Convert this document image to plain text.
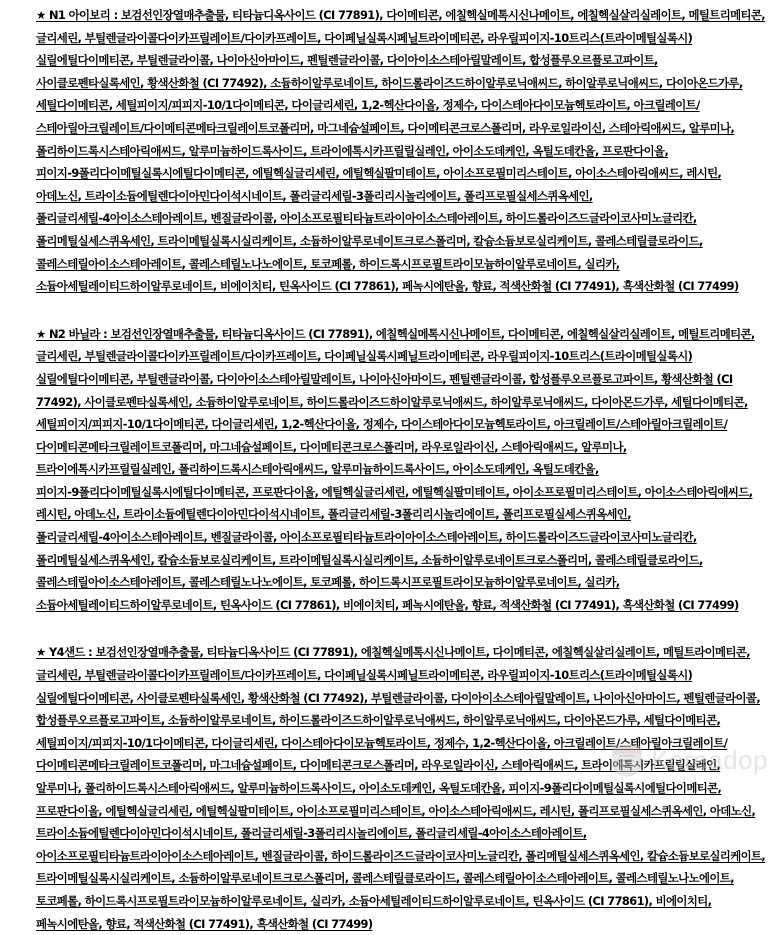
★ N1 아이보리 : 보검선인장열매추출물, 티타늄디옥사이드 (CI 77891), 다이메티콘, 에칠헥실메톡시신나메이트, 에칠헥실살리실레이트, 메틸트리메티콘, 글리세린, 부틸렌글라이콜다이카프릴레이트/다이카프레이트, 다이페닐실록시페닐트라이메티콘, 라우릴피이지-10트리스(트라이메틸실록시)실릴에틸다이메티콘, 부틸렌글라이콜, 나이아신아마이드, 펜틸렌글라이콜, 다이아이소스테아릴말레이트, 합성플루오르플로고파이트, 사이클로펜타실록세인, 황색산화철 (CI 77492), 소듐하이알루로네이트, 하이드롤라이즈드하이알루로닉애씨드, 하이알루로닉애씨드, 다이아온드가루, 세틸다이메티콘, 세틸피이지/피피지-10/1다이메티콘, 다이글리세린, 1,2-헥산다이올, 정제수, 다이스테아다이모늄헥토라이트, 아크릴레이트/스테아릴아크릴레이트/다이메티콘메타크릴레이트코폴리머, 마그네슘설페이트, 다이메티콘크로스폴리머, 라우로일라이신, 스테아릭애씨드, 알루미나, 폴리하이드록시스테아릭애씨드, 알루미늄하이드록사이드, 트라이에톡시카프릴릴실레인, 아이소도데케인, 옥틸도데칸올, 프로판다이올, 피이지-9폴리다이메틸실록시에틸다이메티콘, 에틸헥실글리세린, 에틸헥실팔미테이트, 아이소프로필미리스테이트, 아이소스테아릭애씨드, 레시틴, 아데노신, 트라이소듐에틸렌다이아민다이석시네이트, 폴리글리세릴-3폴리리시놀리에이트, 폴리프로필실세스퀴옥세인, 폴리글리세릴-4아이소스테아레이트, 벤질글라이콜, 아이소프로필티타늄트라이아이소스테아레이트, 하이드롤라이즈드글라이코사미노글리칸, 폴리메틸실세스퀴옥세인, 트라이메틸실록시실리케이트, 소듐하이알루로네이트크로스폴리머, 칼슘소듐보로실리케이트, 콜레스테릴클로라이드, 콜레스테릴아이소스테아레이트, 콜레스테릴노나노에이트, 토코페롤, 하이드록시프로필트라이모늄하이알루로네이트, 실리카, 소듐아세틸레이티드하이알루로네이트, 비에이치티, 틴옥사이드 (CI 77861), 페녹시에탄올, 향료, 적색산화철 (CI 77491), 흑색산화철 (CI 77499)

★ N2 바닐라 : 보검선인장열매추출물, 티타늄디옥사이드 (CI 77891), 에칠헥실메톡시신나메이트, 다이메티콘, 에칠헥실살리실레이트, 메틸트리메티콘, 글리세린, 부틸렌글라이콜다이카프릴레이트/다이카프레이트, 다이페닐실록시페닐트라이메티콘, 라우릴피이지-10트리스(트라이메틸실록시)실릴에틸다이메티콘, 부틸렌글라이콜, 다이아이소스테아릴말레이트, 나이아신아마이드, 펜틸렌글라이콜, 합성플루오르플로고파이트, 황색산화철 (CI 77492), 사이클로펜타실록세인, 소듐하이알루로네이트, 하이드롤라이즈드하이알루로닉애씨드, 하이알루로닉애씨드, 다이아몬드가루, 세틸다이메티콘, 세틸피이지/피피지-10/1다이메티콘, 다이글리세린, 1,2-헥산다이올, 정제수, 다이스테아다이모늄헥토라이트, 아크릴레이트/스테아릴아크릴레이트/다이메티콘메타크릴레이트코폴리머, 마그네슘설페이트, 다이메티콘크로스폴리머, 라우로일라이신, 스테아릭애씨드, 알루미나, 트라이에톡시카프릴릴실레인, 폴리하이드록시스테아릭애씨드, 알루미늄하이드록사이드, 아이소도데케인, 옥틸도데칸올, 피이지-9폴리다이메틸실록시에틸다이메티콘, 프로판다이올, 에틸헥실글리세린, 에틸헥실팔미테이트, 아이소프로필미리스테이트, 아이소스테아릭애씨드, 레시틴, 아데노신, 트라이소듐에틸렌다이아민다이석시네이트, 폴리글리세릴-3폴리리시놀리에이트, 폴리프로필실세스퀴옥세인, 폴리글리세릴-4아이소스테아레이트, 벤질글라이콜, 아이소프로필티타늄트라이아이소스테아레이트, 하이드롤라이즈드글라이코사미노글리칸, 폴리메틸실세스퀴옥세인, 칼슘소듐보로실리케이트, 트라이메틸실록시실리케이트, 소듐하이알루로네이트크로스폴리머, 콜레스테릴클로라이드, 콜레스테릴아이소스테아레이트, 콜레스테릴노나노에이트, 토코페롤, 하이드록시프로필트라이모늄하이알루로네이트, 실리카, 소듐아세틸레이티드하이알루로네이트, 틴옥사이드 (CI 77861), 비에이치티, 페녹시에탄올, 향료, 적색산화철 (CI 77491), 흑색산화철 (CI 77499)

★ Y4샌드 : 보검선인장열매추출물, 티타늄디옥사이드 (CI 77891), 에칠헥실메톡시신나메이트, 다이메티콘, 에칠헥실살리실레이트, 메틸트라이메티콘, 글리세린, 부틸렌글라이콜다이카프릴레이트/다이카프레이트, 다이페닐실록시페닐트라이메티콘, 라우릴피이지-10트리스(트라이메틸실록시)실릴에틸다이메티콘, 사이클로펜타실록세인, 황색산화철 (CI 77492), 부틸렌글라이콜, 다이아이소스테아릴말레이트, 나이아신아마이드, 펜틸렌글라이콜, 합성플루오르플로고파이트, 소듐하이알루로네이트, 하이드롤라이즈드하이알루로닉애씨드, 하이알루로닉애씨드, 다이아몬드가루, 세틸다이메티콘, 세틸피이지/피피지-10/1다이메티콘, 다이글리세린, 다이스테아다이모늄헥토라이트, 정제수, 1,2-헥산다이올, 아크릴레이트/스테아릴아크릴레이트/다이메티콘메타크릴레이트코폴리머, 마그네슘설페이트, 다이메티콘크로스폴리머, 라우로일라이신, 스테아릭애씨드, 트라이에톡시카프릴릴실레인, 알루미나, 폴리하이드록시스테아릭애씨드, 알루미늄하이드록사이드, 아이소도데케인, 옥틸도데칸올, 피이지-9폴리다이메틸실록시에틸다이메티콘, 프로판다이올, 에틸헥실글리세린, 에틸헥실팔미테이트, 아이소프로필미리스테이트, 아이소스테아릭애씨드, 레시틴, 폴리프로필실세스퀴옥세인, 아데노신, 트라이소듐에틸렌다이아민다이석시네이트, 폴리글리세릴-3폴리리시놀리에이트, 폴리글리세릴-4아이소스테아레이트, 아이소프로필티타늄트라이아이소스테아레이트, 벤질글라이콜, 하이드롤라이즈드글라이코사미노글리칸, 폴리메틸실세스퀴옥세인, 칼슘소듐보로실리케이트, 트라이메틸실록시실리케이트, 소듐하이알루로네이트크로스폴리머, 콜레스테릴클로라이드, 콜레스테릴아이소스테아레이트, 콜레스테릴노나노에이트, 토코페롤, 하이드록시프로필트라이모늄하이알루로네이트, 실리카, 소듐아세틸레이티드하이알루로네이트, 틴옥사이드 (CI 77861), 비에이치티, 페녹시에탄올, 향료, 적색산화철 (CI 77491), 흑색산화철 (CI 77499)

Koreadop
